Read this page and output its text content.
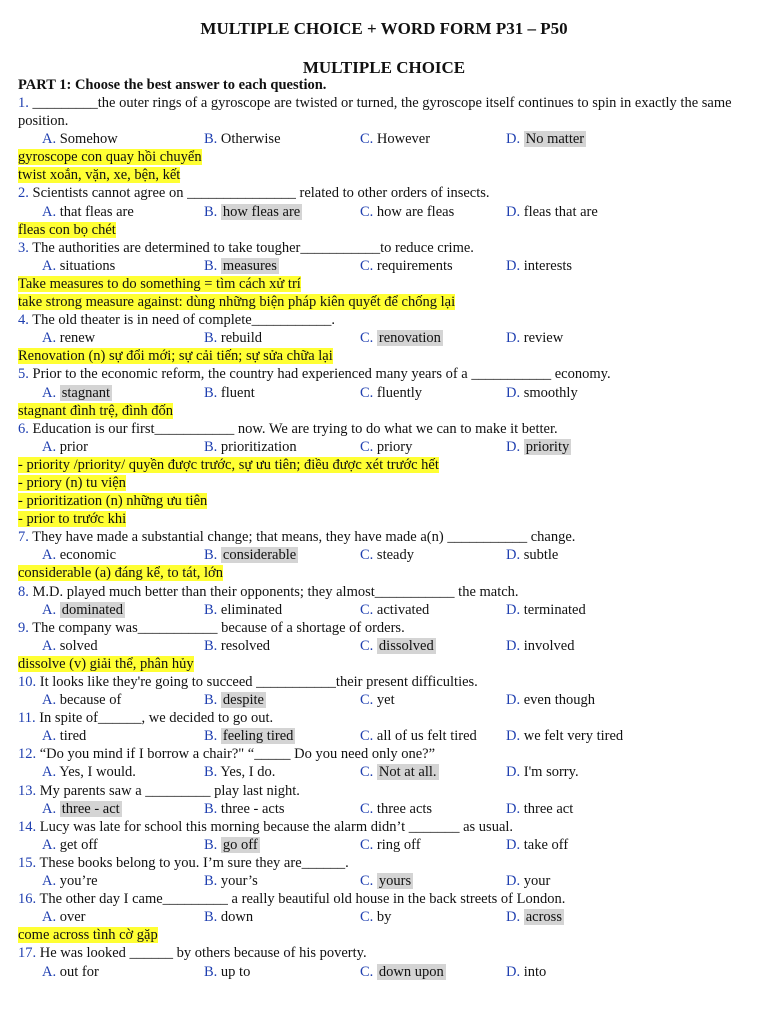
MULTIPLE CHOICE + WORD FORM P31 – P50
MULTIPLE CHOICE
PART 1: Choose the best answer to each question.
1. _________the outer rings of a gyroscope are twisted or turned, the gyroscope itself continues to spin in exactly the same position.
A. Somehow	B. Otherwise	C. However	D. No matter
gyroscope con quay hồi chuyển
twist xoắn, vặn, xe, bện, kết
2. Scientists cannot agree on _______________ related to other orders of insects.
A. that fleas are	B. how fleas are	C. how are fleas	D. fleas that are
fleas con bọ chét
3. The authorities are determined to take tougher___________to reduce crime.
A. situations	B. measures	C. requirements	D. interests
Take measures to do something = tìm cách xử trí
take strong measure against: dùng những biện pháp kiên quyết để chống lại
4. The old theater is in need of complete___________.
A. renew	B. rebuild	C. renovation	D. review
Renovation (n) sự đổi mới; sự cải tiến; sự sửa chữa lại
5. Prior to the economic reform, the country had experienced many years of a ___________ economy.
A. stagnant	B. fluent	C. fluently	D. smoothly
stagnant đình trệ, đình đốn
6. Education is our first___________ now. We are trying to do what we can to make it better.
A. prior	B. prioritization	C. priory	D. priority
- priority /priority/ quyền được trước, sự ưu tiên; điều được xét trước hết
- priory (n) tu viện
- prioritization (n) những ưu tiên
- prior to trước khi
7. They have made a substantial change; that means, they have made a(n) ___________ change.
A. economic	B. considerable	C. steady	D. subtle
considerable (a) đáng kể, to tát, lớn
8. M.D. played much better than their opponents; they almost___________ the match.
A. dominated	B. eliminated	C. activated	D. terminated
9. The company was___________ because of a shortage of orders.
A. solved	B. resolved	C. dissolved	D. involved
dissolve (v) giải thể, phân hủy
10. It looks like they're going to succeed ___________their present difficulties.
A. because of	B. despite	C. yet	D. even though
11. In spite of______, we decided to go out.
A. tired	B. feeling tired	C. all of us felt tired D. we felt very tired
12. “Do you mind if I borrow a chair?" “_____ Do you need only one?”
A. Yes, I would.	B. Yes, I do.	C. Not at all.	D. I'm sorry.
13. My parents saw a _________ play last night.
A. three - act	B. three - acts	C. three acts	D. three act
14. Lucy was late for school this morning because the alarm didn’t _______ as usual.
A. get off	B. go off	C. ring off	D. take off
15. These books belong to you. I’m sure they are______.
A. you’re	B. your’s	C. yours	D. your
16. The other day I came_________ a really beautiful old house in the back streets of London.
A. over	B. down	C. by	D. across
come across tình cờ gặp
17. He was looked ______ by others because of his poverty.
A. out for	B. up to	C. down upon	D. into
